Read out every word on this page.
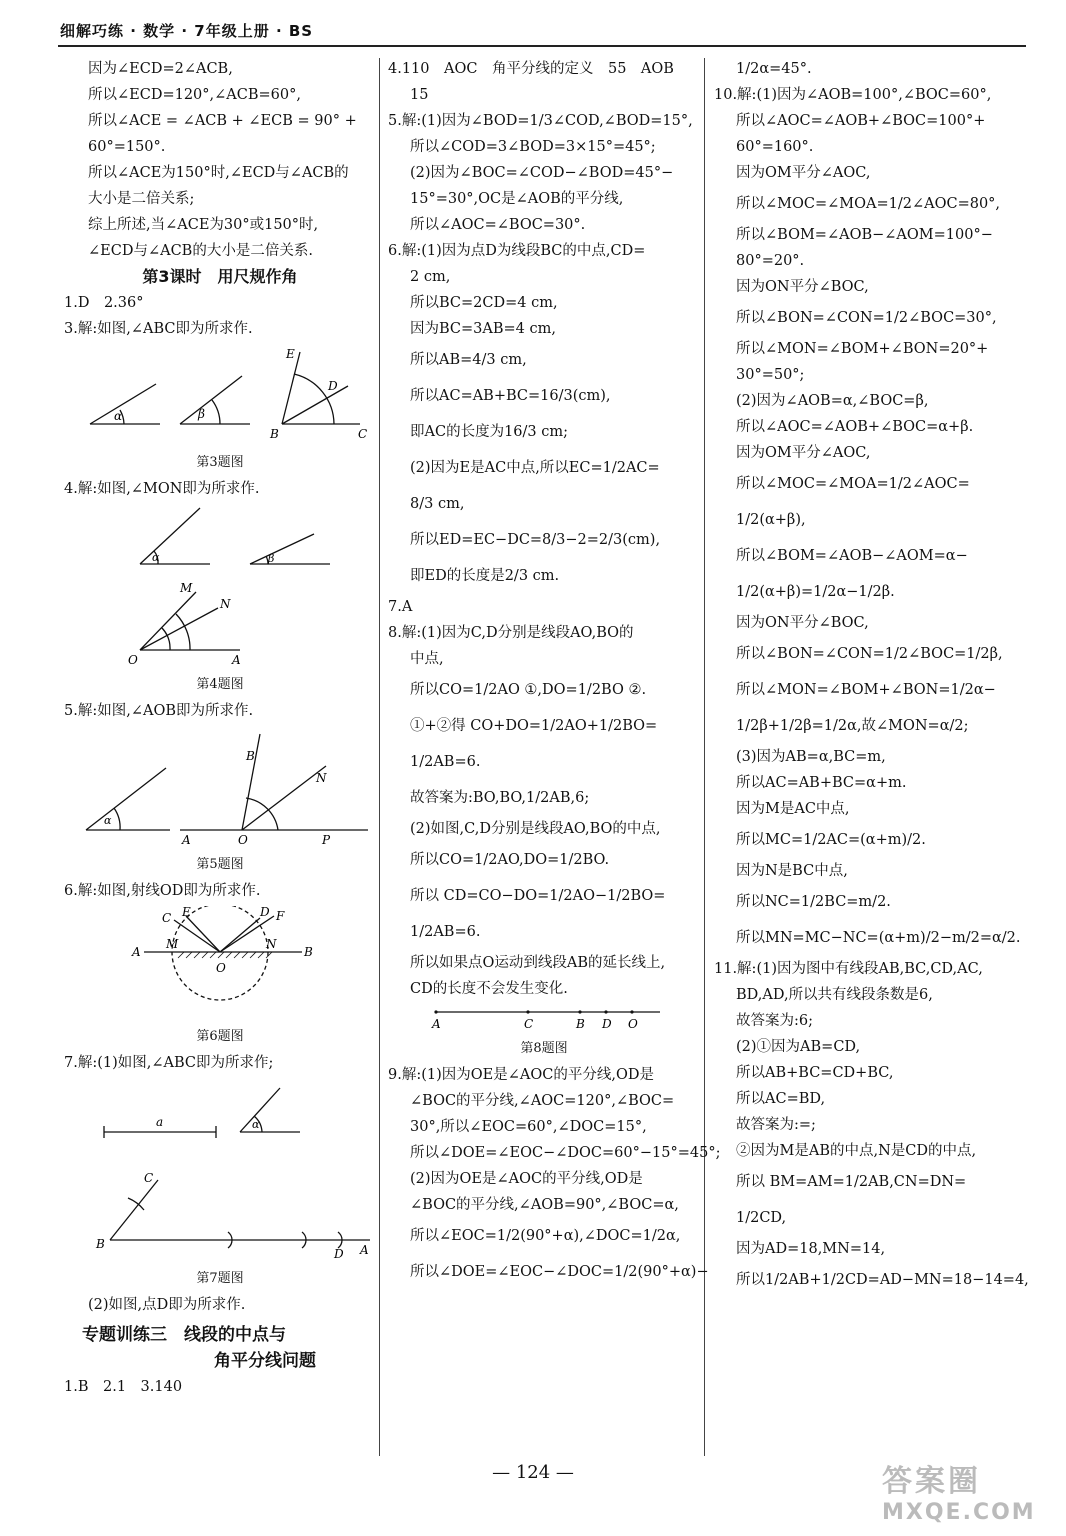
细解巧练 · 数学 · 7年级上册 · BS

因为∠ECD=2∠ACB,

所以∠ECD=120°,∠ACB=60°,

所以∠ACE = ∠ACB + ∠ECB = 90° +

60°=150°.

所以∠ACE为150°时,∠ECD与∠ACB的

大小是二倍关系;

综上所述,当∠ACE为30°或150°时,

∠ECD与∠ACB的大小是二倍关系.

第3课时　用尺规作角

1.D　2.36°

3.解:如图,∠ABC即为所求作.

α	β
E
D
B	C

第3题图

4.解:如图,∠MON即为所求作.

α	β
M
N
O	A

第4题图

5.解:如图,∠AOB即为所求作.

α
B
N
A	O	P

第5题图

6.解:如图,射线OD即为所求作.

C E	D F
A
M	N
B
O

第6题图

7.解:(1)如图,∠ABC即为所求作;

a	α
C
B
D A

第7题图

(2)如图,点D即为所求作.

专题训练三　线段的中点与

角平分线问题

1.B　2.1　3.140

4.110　AOC　角平分线的定义　55　AOB

15

5.解:(1)因为∠BOD=1/3∠COD,∠BOD=15°,

所以∠COD=3∠BOD=3×15°=45°;

(2)因为∠BOC=∠COD−∠BOD=45°−

15°=30°,OC是∠AOB的平分线,

所以∠AOC=∠BOC=30°.

6.解:(1)因为点D为线段BC的中点,CD=

2 cm,

所以BC=2CD=4 cm,

因为BC=3AB=4 cm,

所以AB=4/3 cm,

所以AC=AB+BC=16/3(cm),

即AC的长度为16/3 cm;

(2)因为E是AC中点,所以EC=1/2AC=

8/3 cm,

所以ED=EC−DC=8/3−2=2/3(cm),

即ED的长度是2/3 cm.

7.A

8.解:(1)因为C,D分别是线段AO,BO的

中点,

所以CO=1/2AO ①,DO=1/2BO ②.

①+②得 CO+DO=1/2AO+1/2BO=

1/2AB=6.

故答案为:BO,BO,1/2AB,6;

(2)如图,C,D分别是线段AO,BO的中点,

所以CO=1/2AO,DO=1/2BO.

所以 CD=CO−DO=1/2AO−1/2BO=

1/2AB=6.

所以如果点O运动到线段AB的延长线上,

CD的长度不会发生变化.

A	C	B D O

第8题图

9.解:(1)因为OE是∠AOC的平分线,OD是

∠BOC的平分线,∠AOC=120°,∠BOC=

30°,所以∠EOC=60°,∠DOC=15°,

所以∠DOE=∠EOC−∠DOC=60°−15°=45°;

(2)因为OE是∠AOC的平分线,OD是

∠BOC的平分线,∠AOB=90°,∠BOC=α,

所以∠EOC=1/2(90°+α),∠DOC=1/2α,

所以∠DOE=∠EOC−∠DOC=1/2(90°+α)−

1/2α=45°.

10.解:(1)因为∠AOB=100°,∠BOC=60°,

所以∠AOC=∠AOB+∠BOC=100°+

60°=160°.

因为OM平分∠AOC,

所以∠MOC=∠MOA=1/2∠AOC=80°,

所以∠BOM=∠AOB−∠AOM=100°−

80°=20°.

因为ON平分∠BOC,

所以∠BON=∠CON=1/2∠BOC=30°,

所以∠MON=∠BOM+∠BON=20°+

30°=50°;

(2)因为∠AOB=α,∠BOC=β,

所以∠AOC=∠AOB+∠BOC=α+β.

因为OM平分∠AOC,

所以∠MOC=∠MOA=1/2∠AOC=

1/2(α+β),

所以∠BOM=∠AOB−∠AOM=α−

1/2(α+β)=1/2α−1/2β.

因为ON平分∠BOC,

所以∠BON=∠CON=1/2∠BOC=1/2β,

所以∠MON=∠BOM+∠BON=1/2α−

1/2β+1/2β=1/2α,故∠MON=α/2;

(3)因为AB=α,BC=m,

所以AC=AB+BC=α+m.

因为M是AC中点,

所以MC=1/2AC=(α+m)/2.

因为N是BC中点,

所以NC=1/2BC=m/2.

所以MN=MC−NC=(α+m)/2−m/2=α/2.

11.解:(1)因为图中有线段AB,BC,CD,AC,

BD,AD,所以共有线段条数是6,

故答案为:6;

(2)①因为AB=CD,

所以AB+BC=CD+BC,

所以AC=BD,

故答案为:=;

②因为M是AB的中点,N是CD的中点,

所以 BM=AM=1/2AB,CN=DN=

1/2CD,

因为AD=18,MN=14,

所以1/2AB+1/2CD=AD−MN=18−14=4,

— 124 —	答案圈
MXQE.COM
